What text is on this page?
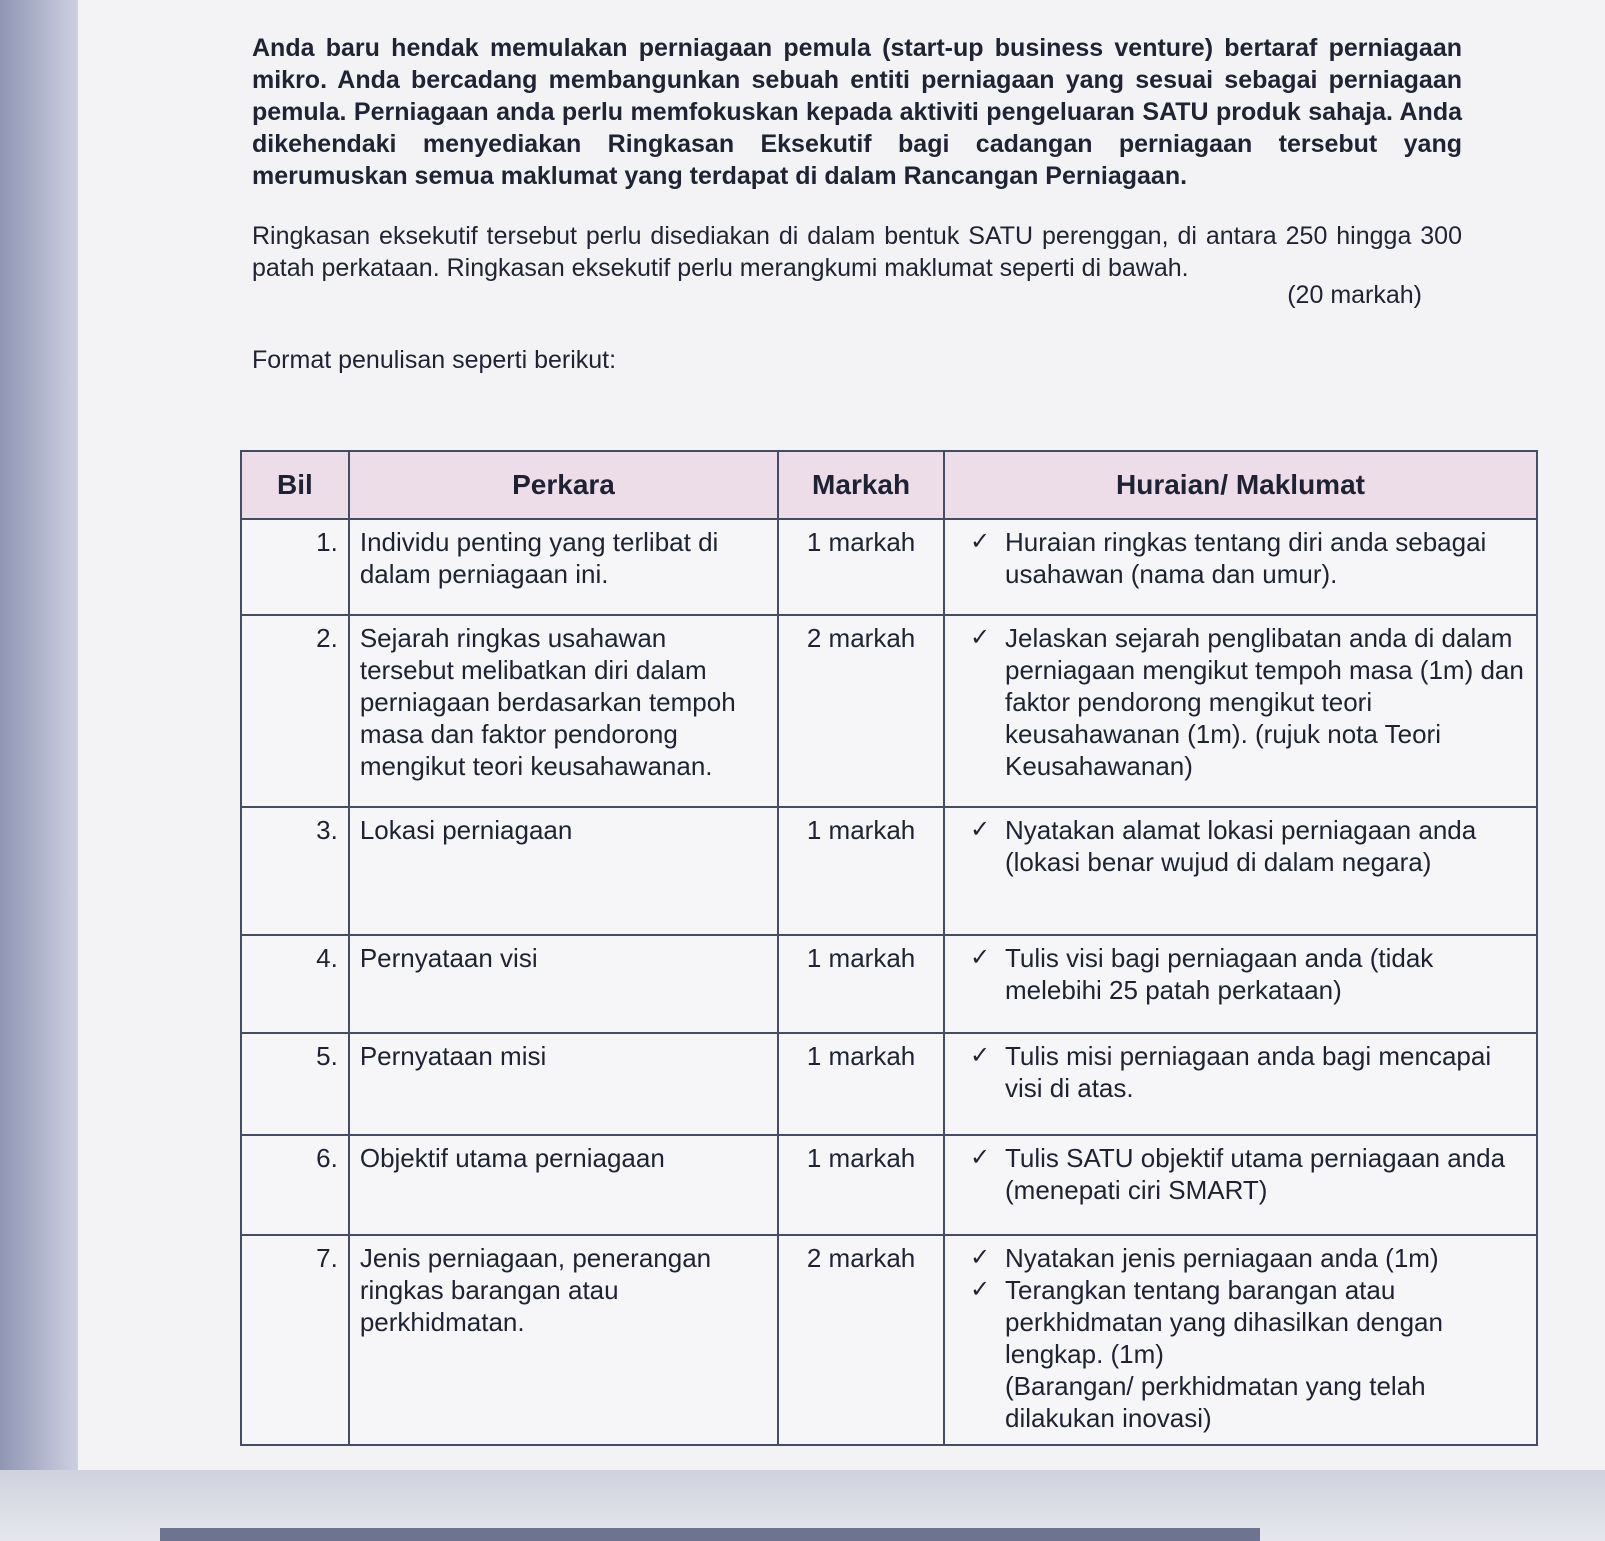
Anda baru hendak memulakan perniagaan pemula (start-up business venture) bertaraf perniagaan mikro. Anda bercadang membangunkan sebuah entiti perniagaan yang sesuai sebagai perniagaan pemula. Perniagaan anda perlu memfokuskan kepada aktiviti pengeluaran SATU produk sahaja. Anda dikehendaki menyediakan Ringkasan Eksekutif bagi cadangan perniagaan tersebut yang merumuskan semua maklumat yang terdapat di dalam Rancangan Perniagaan.

Ringkasan eksekutif tersebut perlu disediakan di dalam bentuk SATU perenggan, di antara 250 hingga 300 patah perkataan. Ringkasan eksekutif perlu merangkumi maklumat seperti di bawah.

(20 markah)
Format penulisan seperti berikut:
Bil	Perkara	Markah	Huraian/ Maklumat
1.	Individu penting yang terlibat di dalam perniagaan ini.	1 markah	✓ Huraian ringkas tentang diri anda sebagai usahawan (nama dan umur).

2.	Sejarah ringkas usahawan tersebut melibatkan diri dalam perniagaan berdasarkan tempoh masa dan faktor pendorong mengikut teori keusahawanan.	2 markah	✓ Jelaskan sejarah penglibatan anda di dalam perniagaan mengikut tempoh masa (1m) dan faktor pendorong mengikut teori keusahawanan (1m). (rujuk nota Teori Keusahawanan)

3.	Lokasi perniagaan	1 markah	✓ Nyatakan alamat lokasi perniagaan anda (lokasi benar wujud di dalam negara)

4.	Pernyataan visi	1 markah	✓ Tulis visi bagi perniagaan anda (tidak melebihi 25 patah perkataan)

5.	Pernyataan misi	1 markah	✓ Tulis misi perniagaan anda bagi mencapai visi di atas.

6.	Objektif utama perniagaan	1 markah	✓ Tulis SATU objektif utama perniagaan anda (menepati ciri SMART)

7.	Jenis perniagaan, penerangan ringkas barangan atau perkhidmatan.	2 markah	✓ Nyatakan jenis perniagaan anda (1m)
✓ Terangkan tentang barangan atau perkhidmatan yang dihasilkan dengan lengkap. (1m)
(Barangan/ perkhidmatan yang telah dilakukan inovasi)
